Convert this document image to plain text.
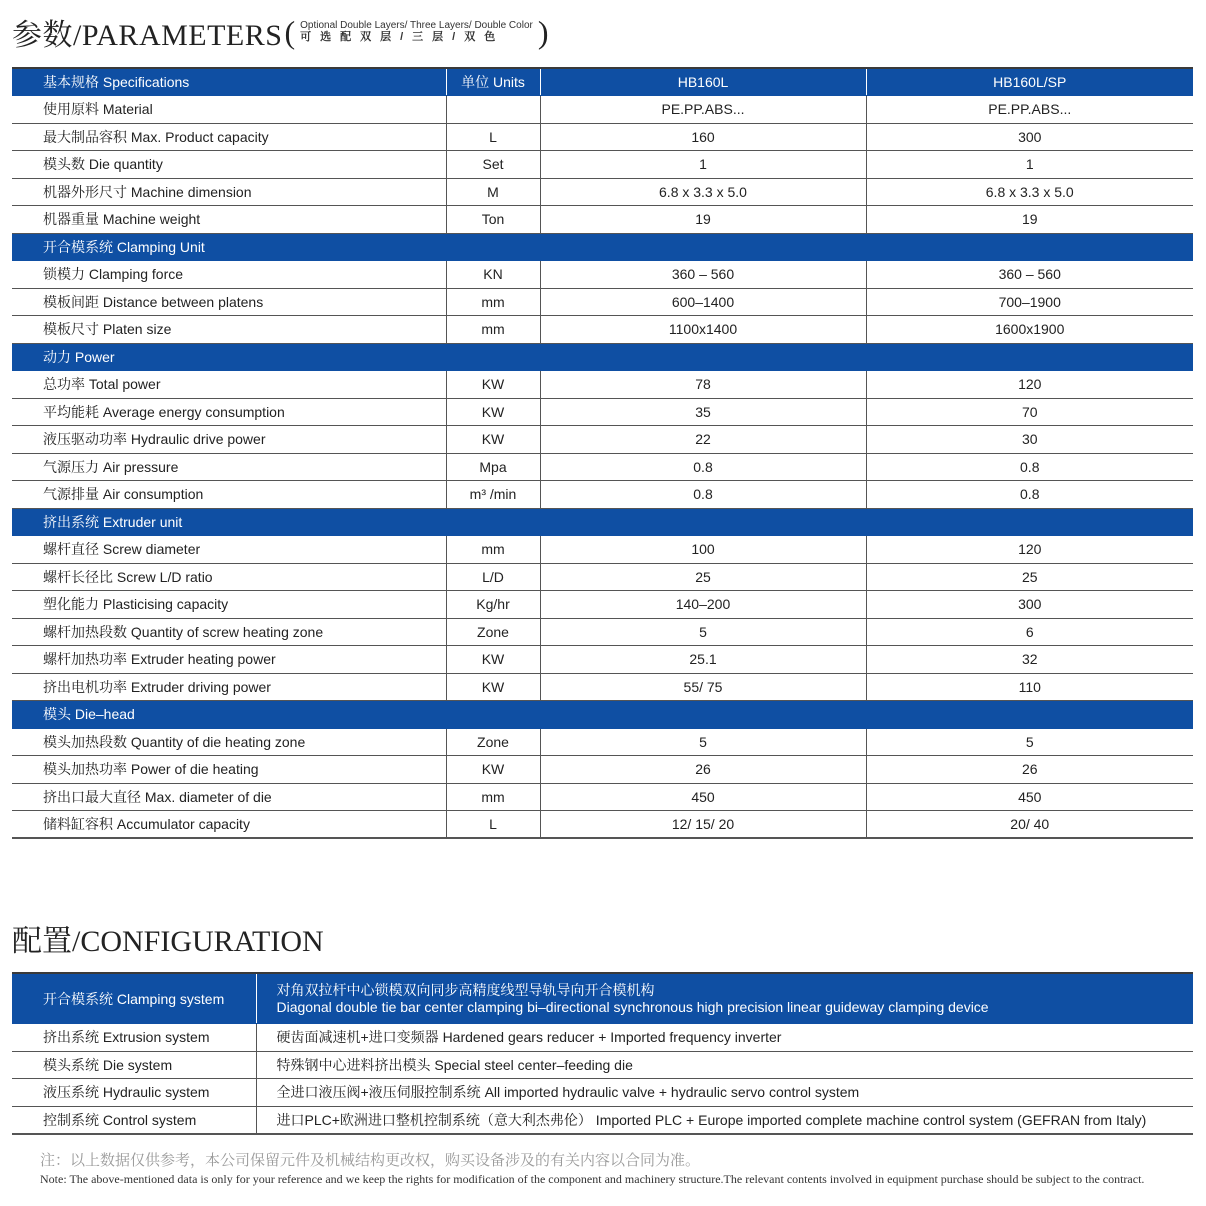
参数/PARAMETERS ( Optional Double Layers/ Three Layers/ Double Color
可选配双层/三层/双色	)
基本规格 Specifications	单位 Units	HB160L	HB160L/SP
使用原料 Material		PE.PP.ABS...	PE.PP.ABS...
最大制品容积 Max. Product capacity	L	160	300
模头数 Die quantity	Set	1	1
机器外形尺寸 Machine dimension	M	6.8 x 3.3 x 5.0	6.8 x 3.3 x 5.0
机器重量 Machine weight	Ton	19	19
开合模系统 Clamping Unit			
锁模力 Clamping force	KN	360 – 560	360 – 560
模板间距 Distance between platens	mm	600–1400	700–1900
模板尺寸 Platen size	mm	1100x1400	1600x1900
动力 Power			
总功率 Total power	KW	78	120
平均能耗 Average energy consumption	KW	35	70
液压驱动功率 Hydraulic drive power	KW	22	30
气源压力 Air pressure	Mpa	0.8	0.8
气源排量 Air consumption	m³ /min	0.8	0.8
挤出系统 Extruder unit			
螺杆直径 Screw diameter	mm	100	120
螺杆长径比 Screw L/D ratio	L/D	25	25
塑化能力 Plasticising capacity	Kg/hr	140–200	300
螺杆加热段数 Quantity of screw heating zone	Zone	5	6
螺杆加热功率 Extruder heating power	KW	25.1	32
挤出电机功率 Extruder driving power	KW	55/ 75	110
模头 Die–head			
模头加热段数 Quantity of die heating zone	Zone	5	5
模头加热功率 Power of die heating	KW	26	26
挤出口最大直径 Max. diameter of die	mm	450	450
储料缸容积 Accumulator capacity	L	12/ 15/ 20	20/ 40
配置/CONFIGURATION
开合模系统 Clamping system	对角双拉杆中心锁模双向同步高精度线型导轨导向开合模机构
Diagonal double tie bar center clamping bi–directional synchronous high precision linear guideway clamping device

挤出系统 Extrusion system	硬齿面减速机+进口变频器 Hardened gears reducer + Imported frequency inverter
模头系统 Die system	特殊钢中心进料挤出模头 Special steel center–feeding die
液压系统 Hydraulic system	全进口液压阀+液压伺服控制系统 All imported hydraulic valve + hydraulic servo control system
控制系统 Control system	进口PLC+欧洲进口整机控制系统（意大利杰弗伦） Imported PLC + Europe imported complete machine control system (GEFRAN from Italy)
注：以上数据仅供参考，本公司保留元件及机械结构更改权，购买设备涉及的有关内容以合同为准。
Note: The above-mentioned data is only for your reference and we keep the rights for modification of the component and machinery structure.The relevant contents involved in equipment purchase should be subject to the contract.
